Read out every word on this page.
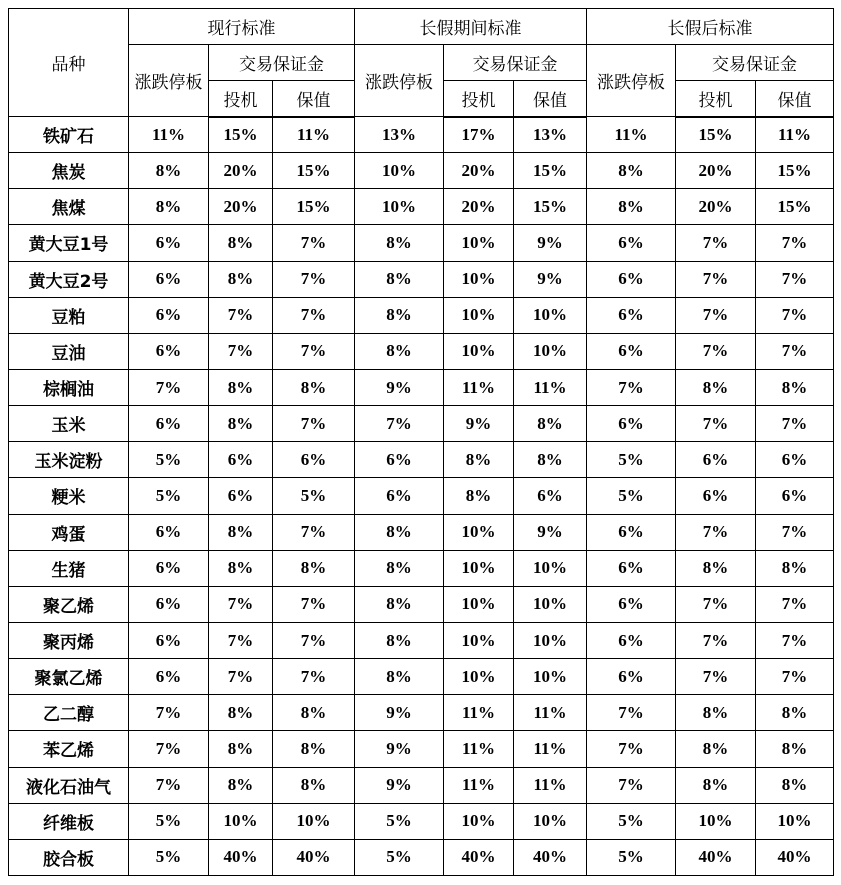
品种	现行标准			长假期间标准			长假后标准		
	涨跌停板	交易保证金		涨跌停板	交易保证金		涨跌停板	交易保证金	
		投机	保值		投机	保值		投机	保值
铁矿石	11%	15%	11%	13%	17%	13%	11%	15%	11%
焦炭	8%	20%	15%	10%	20%	15%	8%	20%	15%
焦煤	8%	20%	15%	10%	20%	15%	8%	20%	15%
黄大豆1号	6%	8%	7%	8%	10%	9%	6%	7%	7%
黄大豆2号	6%	8%	7%	8%	10%	9%	6%	7%	7%
豆粕	6%	7%	7%	8%	10%	10%	6%	7%	7%
豆油	6%	7%	7%	8%	10%	10%	6%	7%	7%
棕榈油	7%	8%	8%	9%	11%	11%	7%	8%	8%
玉米	6%	8%	7%	7%	9%	8%	6%	7%	7%
玉米淀粉	5%	6%	6%	6%	8%	8%	5%	6%	6%
粳米	5%	6%	5%	6%	8%	6%	5%	6%	6%
鸡蛋	6%	8%	7%	8%	10%	9%	6%	7%	7%
生猪	6%	8%	8%	8%	10%	10%	6%	8%	8%
聚乙烯	6%	7%	7%	8%	10%	10%	6%	7%	7%
聚丙烯	6%	7%	7%	8%	10%	10%	6%	7%	7%
聚氯乙烯	6%	7%	7%	8%	10%	10%	6%	7%	7%
乙二醇	7%	8%	8%	9%	11%	11%	7%	8%	8%
苯乙烯	7%	8%	8%	9%	11%	11%	7%	8%	8%
液化石油气	7%	8%	8%	9%	11%	11%	7%	8%	8%
纤维板	5%	10%	10%	5%	10%	10%	5%	10%	10%
胶合板	5%	40%	40%	5%	40%	40%	5%	40%	40%
